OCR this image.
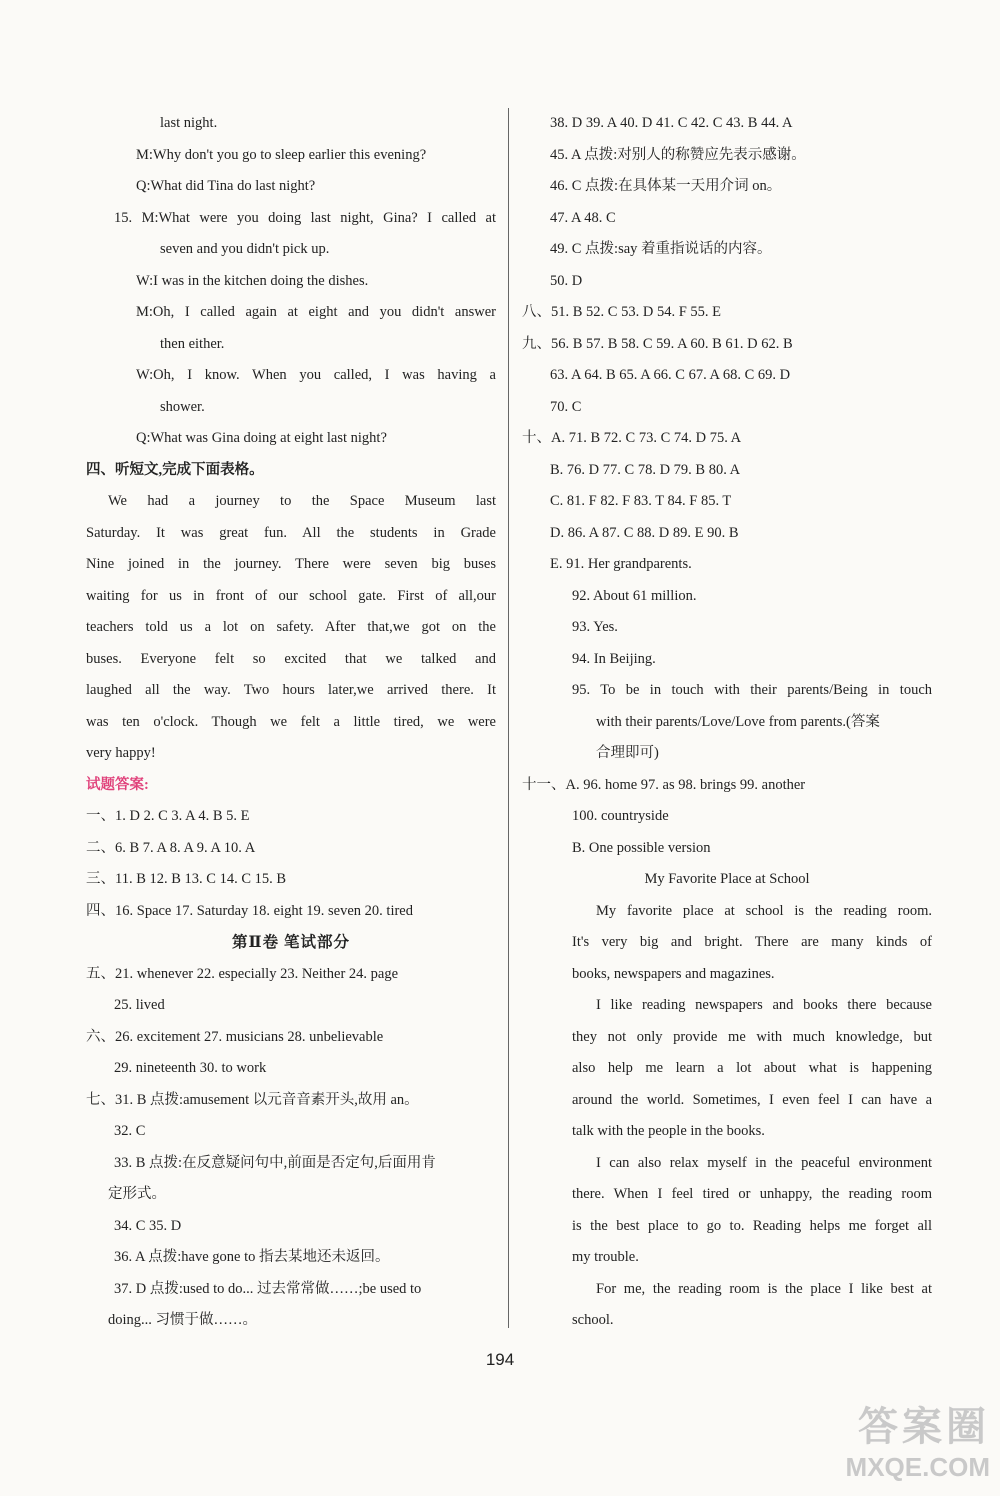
last night.
M:Why don't you go to sleep earlier this evening?
Q:What did Tina do last night?
15. M:What were you doing last night, Gina? I called at
seven and you didn't pick up.
W:I was in the kitchen doing the dishes.
M:Oh, I called again at eight and you didn't answer
then either.
W:Oh, I know. When you called, I was having a
shower.
Q:What was Gina doing at eight last night?
四、听短文,完成下面表格。
We had a journey to the Space Museum last
Saturday. It was great fun. All the students in Grade
Nine joined in the journey. There were seven big buses
waiting for us in front of our school gate. First of all,our
teachers told us a lot on safety. After that,we got on the
buses. Everyone felt so excited that we talked and
laughed all the way. Two hours later,we arrived there. It
was ten o'clock. Though we felt a little tired, we were
very happy!
试题答案:
一、1. D 2. C 3. A 4. B 5. E
二、6. B 7. A 8. A 9. A 10. A
三、11. B 12. B 13. C 14. C 15. B
四、16. Space 17. Saturday 18. eight 19. seven 20. tired
第Ⅱ卷 笔试部分
五、21. whenever 22. especially 23. Neither 24. page
25. lived
六、26. excitement 27. musicians 28. unbelievable
29. nineteenth 30. to work
七、31. B 点拨:amusement 以元音音素开头,故用 an。
32. C
33. B 点拨:在反意疑问句中,前面是否定句,后面用肯
定形式。
34. C 35. D
36. A 点拨:have gone to 指去某地还未返回。
37. D 点拨:used to do... 过去常常做……;be used to
doing... 习惯于做……。
38. D 39. A 40. D 41. C 42. C 43. B 44. A
45. A 点拨:对别人的称赞应先表示感谢。
46. C 点拨:在具体某一天用介词 on。
47. A 48. C
49. C 点拨:say 着重指说话的内容。
50. D
八、51. B 52. C 53. D 54. F 55. E
九、56. B 57. B 58. C 59. A 60. B 61. D 62. B
63. A 64. B 65. A 66. C 67. A 68. C 69. D
70. C
十、A. 71. B 72. C 73. C 74. D 75. A
B. 76. D 77. C 78. D 79. B 80. A
C. 81. F 82. F 83. T 84. F 85. T
D. 86. A 87. C 88. D 89. E 90. B
E. 91. Her grandparents.
92. About 61 million.
93. Yes.
94. In Beijing.
95. To be in touch with their parents/Being in touch
with their parents/Love/Love from parents.(答案
合理即可)
十一、A. 96. home 97. as 98. brings 99. another
100. countryside
B. One possible version
My Favorite Place at School
My favorite place at school is the reading room.
It's very big and bright. There are many kinds of
books, newspapers and magazines.
I like reading newspapers and books there because
they not only provide me with much knowledge, but
also help me learn a lot about what is happening
around the world. Sometimes, I even feel I can have a
talk with the people in the books.
I can also relax myself in the peaceful environment
there. When I feel tired or unhappy, the reading room
is the best place to go to. Reading helps me forget all
my trouble.
For me, the reading room is the place I like best at
school.
194
答案圈
MXQE.COM
